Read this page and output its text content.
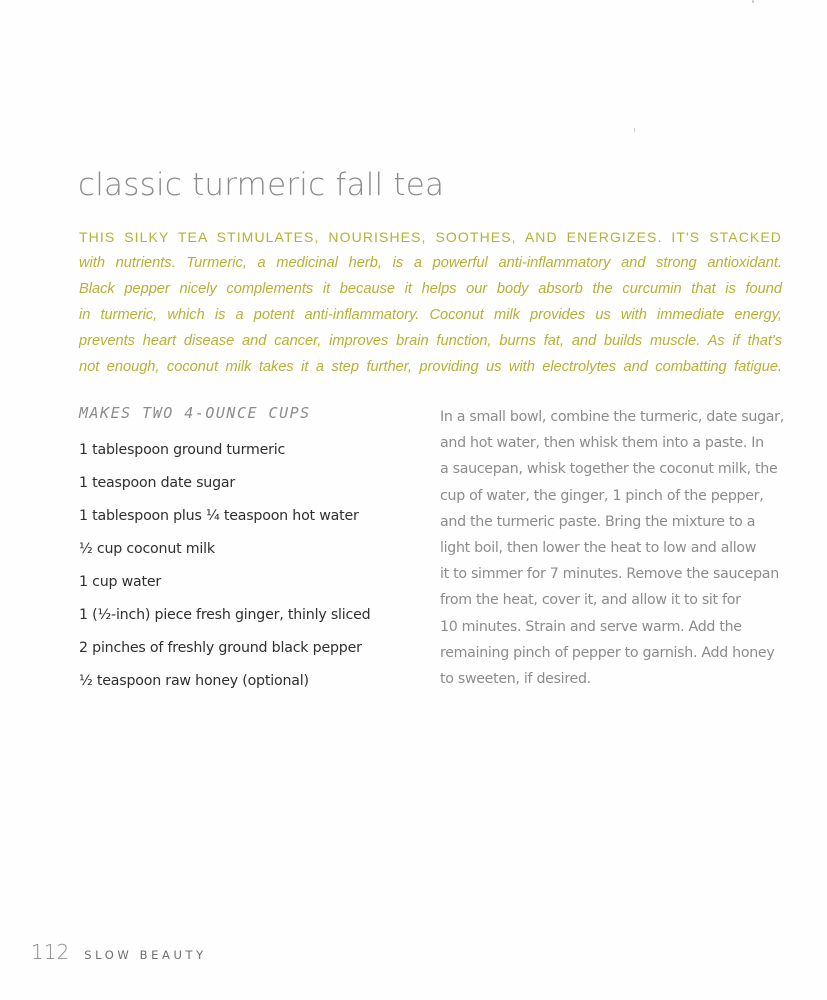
classic turmeric fall tea
THIS SILKY TEA STIMULATES, NOURISHES, SOOTHES, AND ENERGIZES. IT'S STACKED
with nutrients. Turmeric, a medicinal herb, is a powerful anti-inflammatory and strong antioxidant.
Black pepper nicely complements it because it helps our body absorb the curcumin that is found
in turmeric, which is a potent anti-inflammatory. Coconut milk provides us with immediate energy,
prevents heart disease and cancer, improves brain function, burns fat, and builds muscle. As if that's
not enough, coconut milk takes it a step further, providing us with electrolytes and combatting fatigue.
MAKES TWO 4-OUNCE CUPS
1 tablespoon ground turmeric
1 teaspoon date sugar
1 tablespoon plus ¼ teaspoon hot water
½ cup coconut milk
1 cup water
1 (½-inch) piece fresh ginger, thinly sliced
2 pinches of freshly ground black pepper
½ teaspoon raw honey (optional)
In a small bowl, combine the turmeric, date sugar,
and hot water, then whisk them into a paste. In
a saucepan, whisk together the coconut milk, the
cup of water, the ginger, 1 pinch of the pepper,
and the turmeric paste. Bring the mixture to a
light boil, then lower the heat to low and allow
it to simmer for 7 minutes. Remove the saucepan
from the heat, cover it, and allow it to sit for
10 minutes. Strain and serve warm. Add the
remaining pinch of pepper to garnish. Add honey
to sweeten, if desired.
112 SLOW BEAUTY
